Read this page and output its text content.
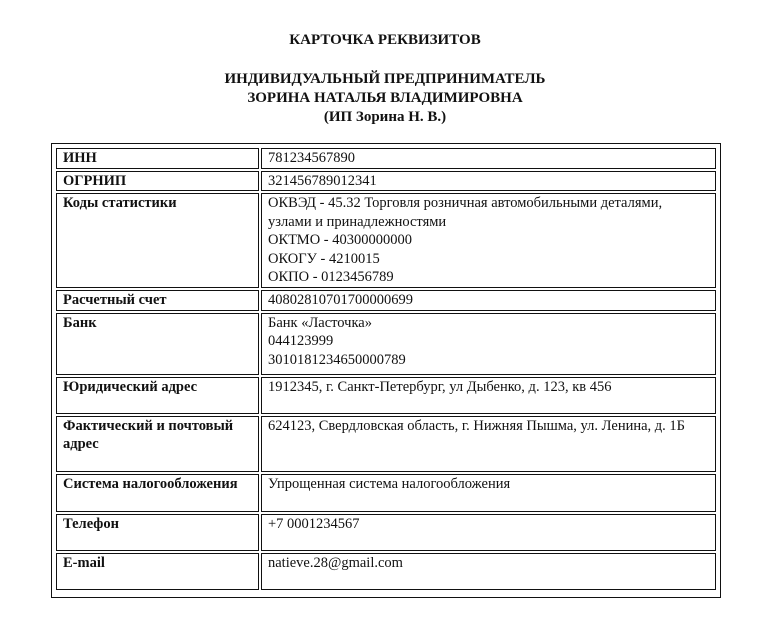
КАРТОЧКА РЕКВИЗИТОВ
ИНДИВИДУАЛЬНЫЙ ПРЕДПРИНИМАТЕЛЬ
ЗОРИНА НАТАЛЬЯ ВЛАДИМИРОВНА
(ИП Зорина Н. В.)
ИНН	781234567890
ОГРНИП	321456789012341
Коды статистики	ОКВЭД - 45.32 Торговля розничная автомобильными деталями, узлами и принадлежностями
ОКТМО - 40300000000
ОКОГУ - 4210015
ОКПО - 0123456789
Расчетный счет	40802810701700000699
Банк	Банк «Ласточка»
044123999
30101812346500007​89
Юридический адрес	1912345, г. Санкт-Петербург, ул Дыбенко, д. 123, кв 456
Фактический и почтовый адрес	624123, Свердловская область, г. Нижняя Пышма, ул. Ленина, д. 1Б
Система налогообложения	Упрощенная система налогообложения
Телефон	+7 0001234567
E-mail	natieve.28@gmail.com
